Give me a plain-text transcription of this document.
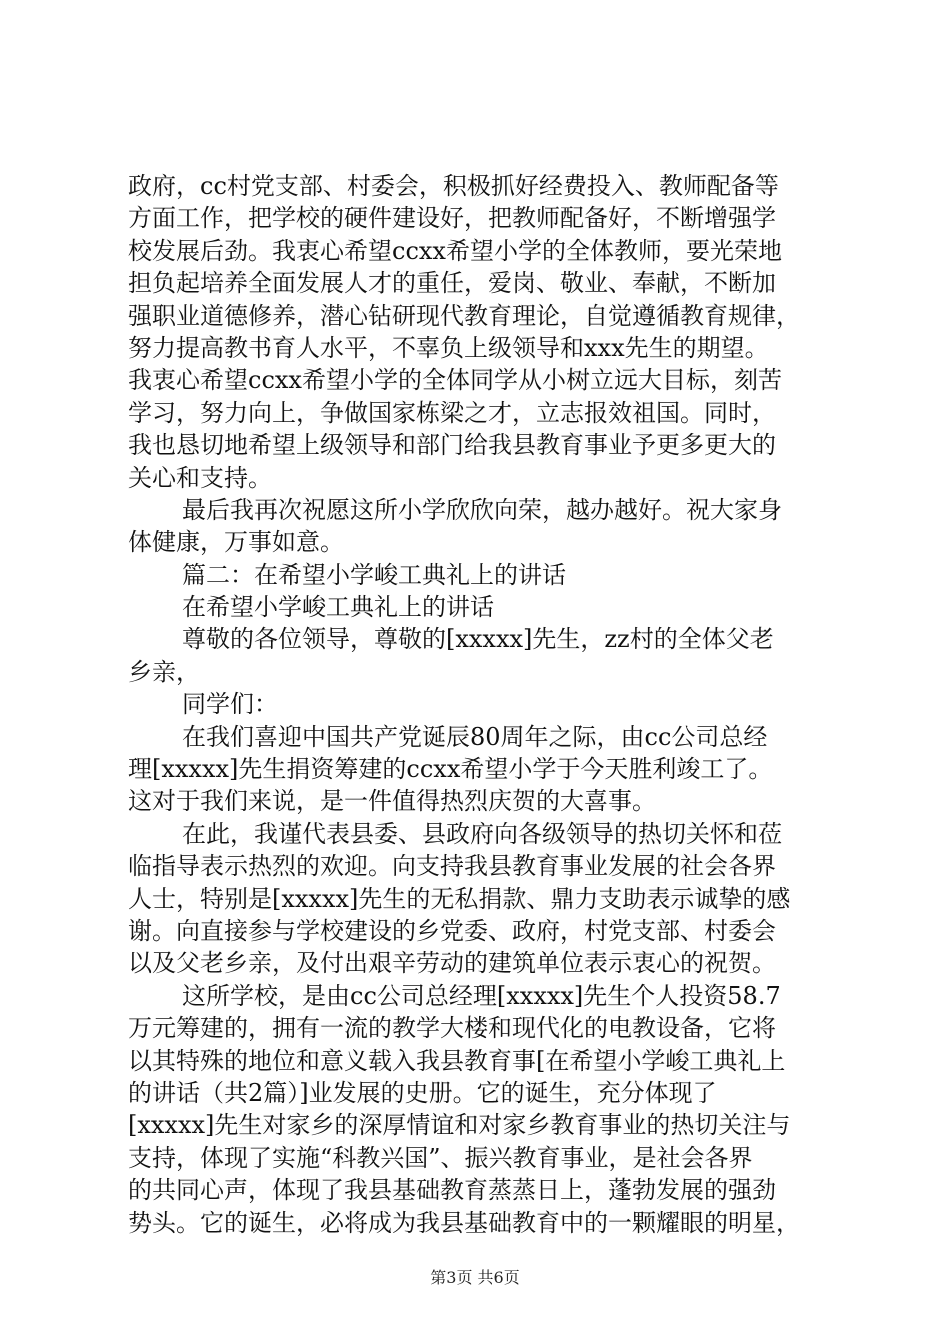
政府，cc村党支部、村委会，积极抓好经费投入、教师配备等
方面工作，把学校的硬件建设好，把教师配备好，不断增强学
校发展后劲。我衷心希望ccxx希望小学的全体教师，要光荣地
担负起培养全面发展人才的重任，爱岗、敬业、奉献，不断加
强职业道德修养，潜心钻研现代教育理论，自觉遵循教育规律，
努力提高教书育人水平，不辜负上级领导和xxx先生的期望。
我衷心希望ccxx希望小学的全体同学从小树立远大目标，刻苦
学习，努力向上，争做国家栋梁之才，立志报效祖国。同时，
我也恳切地希望上级领导和部门给我县教育事业予更多更大的
关心和支持。
最后我再次祝愿这所小学欣欣向荣，越办越好。祝大家身
体健康，万事如意。
篇二：在希望小学峻工典礼上的讲话
在希望小学峻工典礼上的讲话
尊敬的各位领导，尊敬的[xxxxx]先生，zz村的全体父老
乡亲，
同学们：
在我们喜迎中国共产党诞辰80周年之际，由cc公司总经
理[xxxxx]先生捐资筹建的ccxx希望小学于今天胜利竣工了。
这对于我们来说，是一件值得热烈庆贺的大喜事。
在此，我谨代表县委、县政府向各级领导的热切关怀和莅
临指导表示热烈的欢迎。向支持我县教育事业发展的社会各界
人士，特别是[xxxxx]先生的无私捐款、鼎力支助表示诚挚的感
谢。向直接参与学校建设的乡党委、政府，村党支部、村委会
以及父老乡亲，及付出艰辛劳动的建筑单位表示衷心的祝贺。
这所学校，是由cc公司总经理[xxxxx]先生个人投资58.7
万元筹建的，拥有一流的教学大楼和现代化的电教设备，它将
以其特殊的地位和意义载入我县教育事[在希望小学峻工典礼上
的讲话（共2篇）]业发展的史册。它的诞生，充分体现了
[xxxxx]先生对家乡的深厚情谊和对家乡教育事业的热切关注与
支持，体现了实施“科教兴国”、振兴教育事业，是社会各界
的共同心声，体现了我县基础教育蒸蒸日上，蓬勃发展的强劲
势头。它的诞生，必将成为我县基础教育中的一颗耀眼的明星，
第3页 共6页
